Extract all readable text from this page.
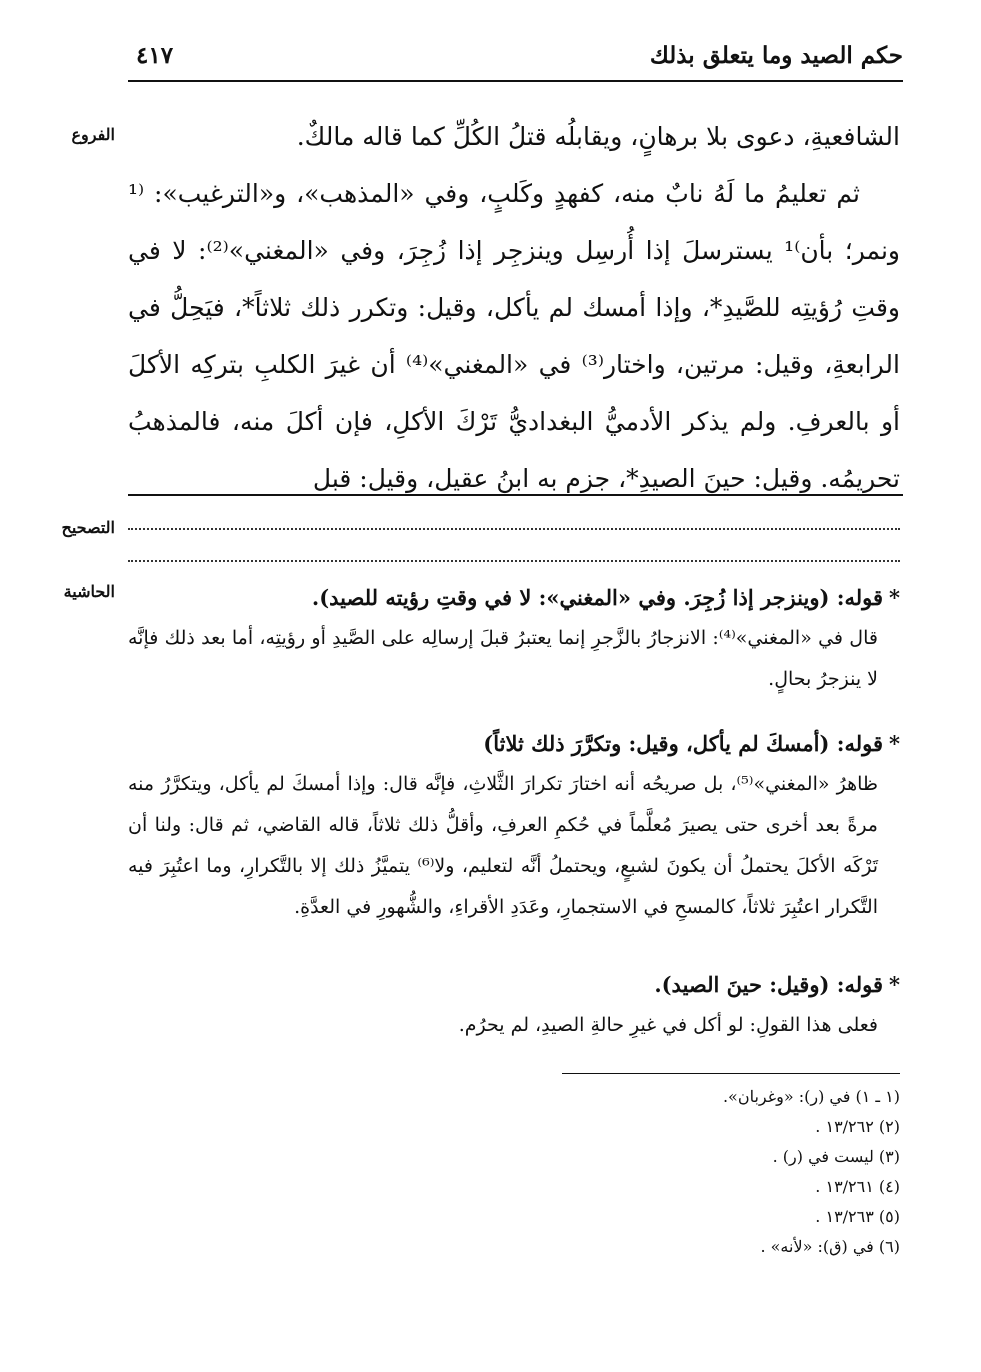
حكم الصيد وما يتعلق بذلك
٤١٧
الفروع
التصحيح
الحاشية

الشافعيةِ، دعوى بلا برهانٍ، ويقابلُه قتلُ الكُلِّ كما قاله مالكٌ.

ثم تعليمُ ما لَهُ نابٌ منه، كفهدٍ وكَلبٍ، وفي «المذهب»، و«الترغيب»: ⁽¹ ونمر؛ بأن⁾¹ يسترسلَ إذا أُرسِل وينزجِر إذا زُجِرَ، وفي «المغني»⁽²⁾: لا في وقتِ رُؤيتِه للصَّيدِ*، وإذا أمسك لم يأكل، وقيل: وتكرر ذلك ثلاثاً*، فيَحِلُّ في الرابعةِ، وقيل: مرتين، واختار⁽³⁾ في «المغني»⁽⁴⁾ أن غيرَ الكلبِ بتركِه الأكلَ أو بالعرفِ. ولم يذكر الأدميُّ البغداديُّ تَرْكَ الأكلِ، فإن أكلَ منه، فالمذهبُ تحريمُه. وقيل: حينَ الصيدِ*، جزم به ابنُ عقيل، وقيل: قبل

*قوله: (وينزجر إذا زُجِرَ. وفي «المغني»: لا في وقتِ رؤيته للصيد).

قال في «المغني»⁽⁴⁾: الانزجارُ بالزَّجرِ إنما يعتبرُ قبلَ إرسالِه على الصَّيدِ أو رؤيتِه، أما بعد ذلك فإنَّه لا ينزجرُ بحالٍ.

*قوله: (أمسكَ لم يأكل، وقيل: وتكرَّرَ ذلك ثلاثاً)

ظاهرُ «المغني»⁽⁵⁾، بل صريحُه أنه اختارَ تكرارَ الثَّلاثِ، فإنَّه قال: وإذا أمسكَ لم يأكل، ويتكرَّرُ منه مرةً بعد أخرى حتى يصيرَ مُعلَّماً في حُكمِ العرفِ، وأقلُّ ذلك ثلاثاً، قاله القاضي، ثم قال: ولنا أن تَرْكَه الأكلَ يحتملُ أن يكونَ لشبعٍ، ويحتملُ أنَّه لتعليم، ولا⁽⁶⁾ يتميَّزُ ذلك إلا بالتَّكرارِ، وما اعتُبِرَ فيه التَّكرار اعتُبِرَ ثلاثاً، كالمسحِ في الاستجمارِ، وعَدَدِ الأقراءِ، والشُّهورِ في العدَّةِ.

*قوله: (وقيل: حينَ الصيد).

فعلى هذا القولِ: لو أكل في غيرِ حالةِ الصيدِ، لم يحرُم.

(١ ـ ١) في (ر): «وغربان».
(٢) ١٣/٢٦٢ .
(٣) ليست في (ر) .
(٤) ١٣/٢٦١ .
(٥) ١٣/٢٦٣ .
(٦) في (ق): «لأنه» .
